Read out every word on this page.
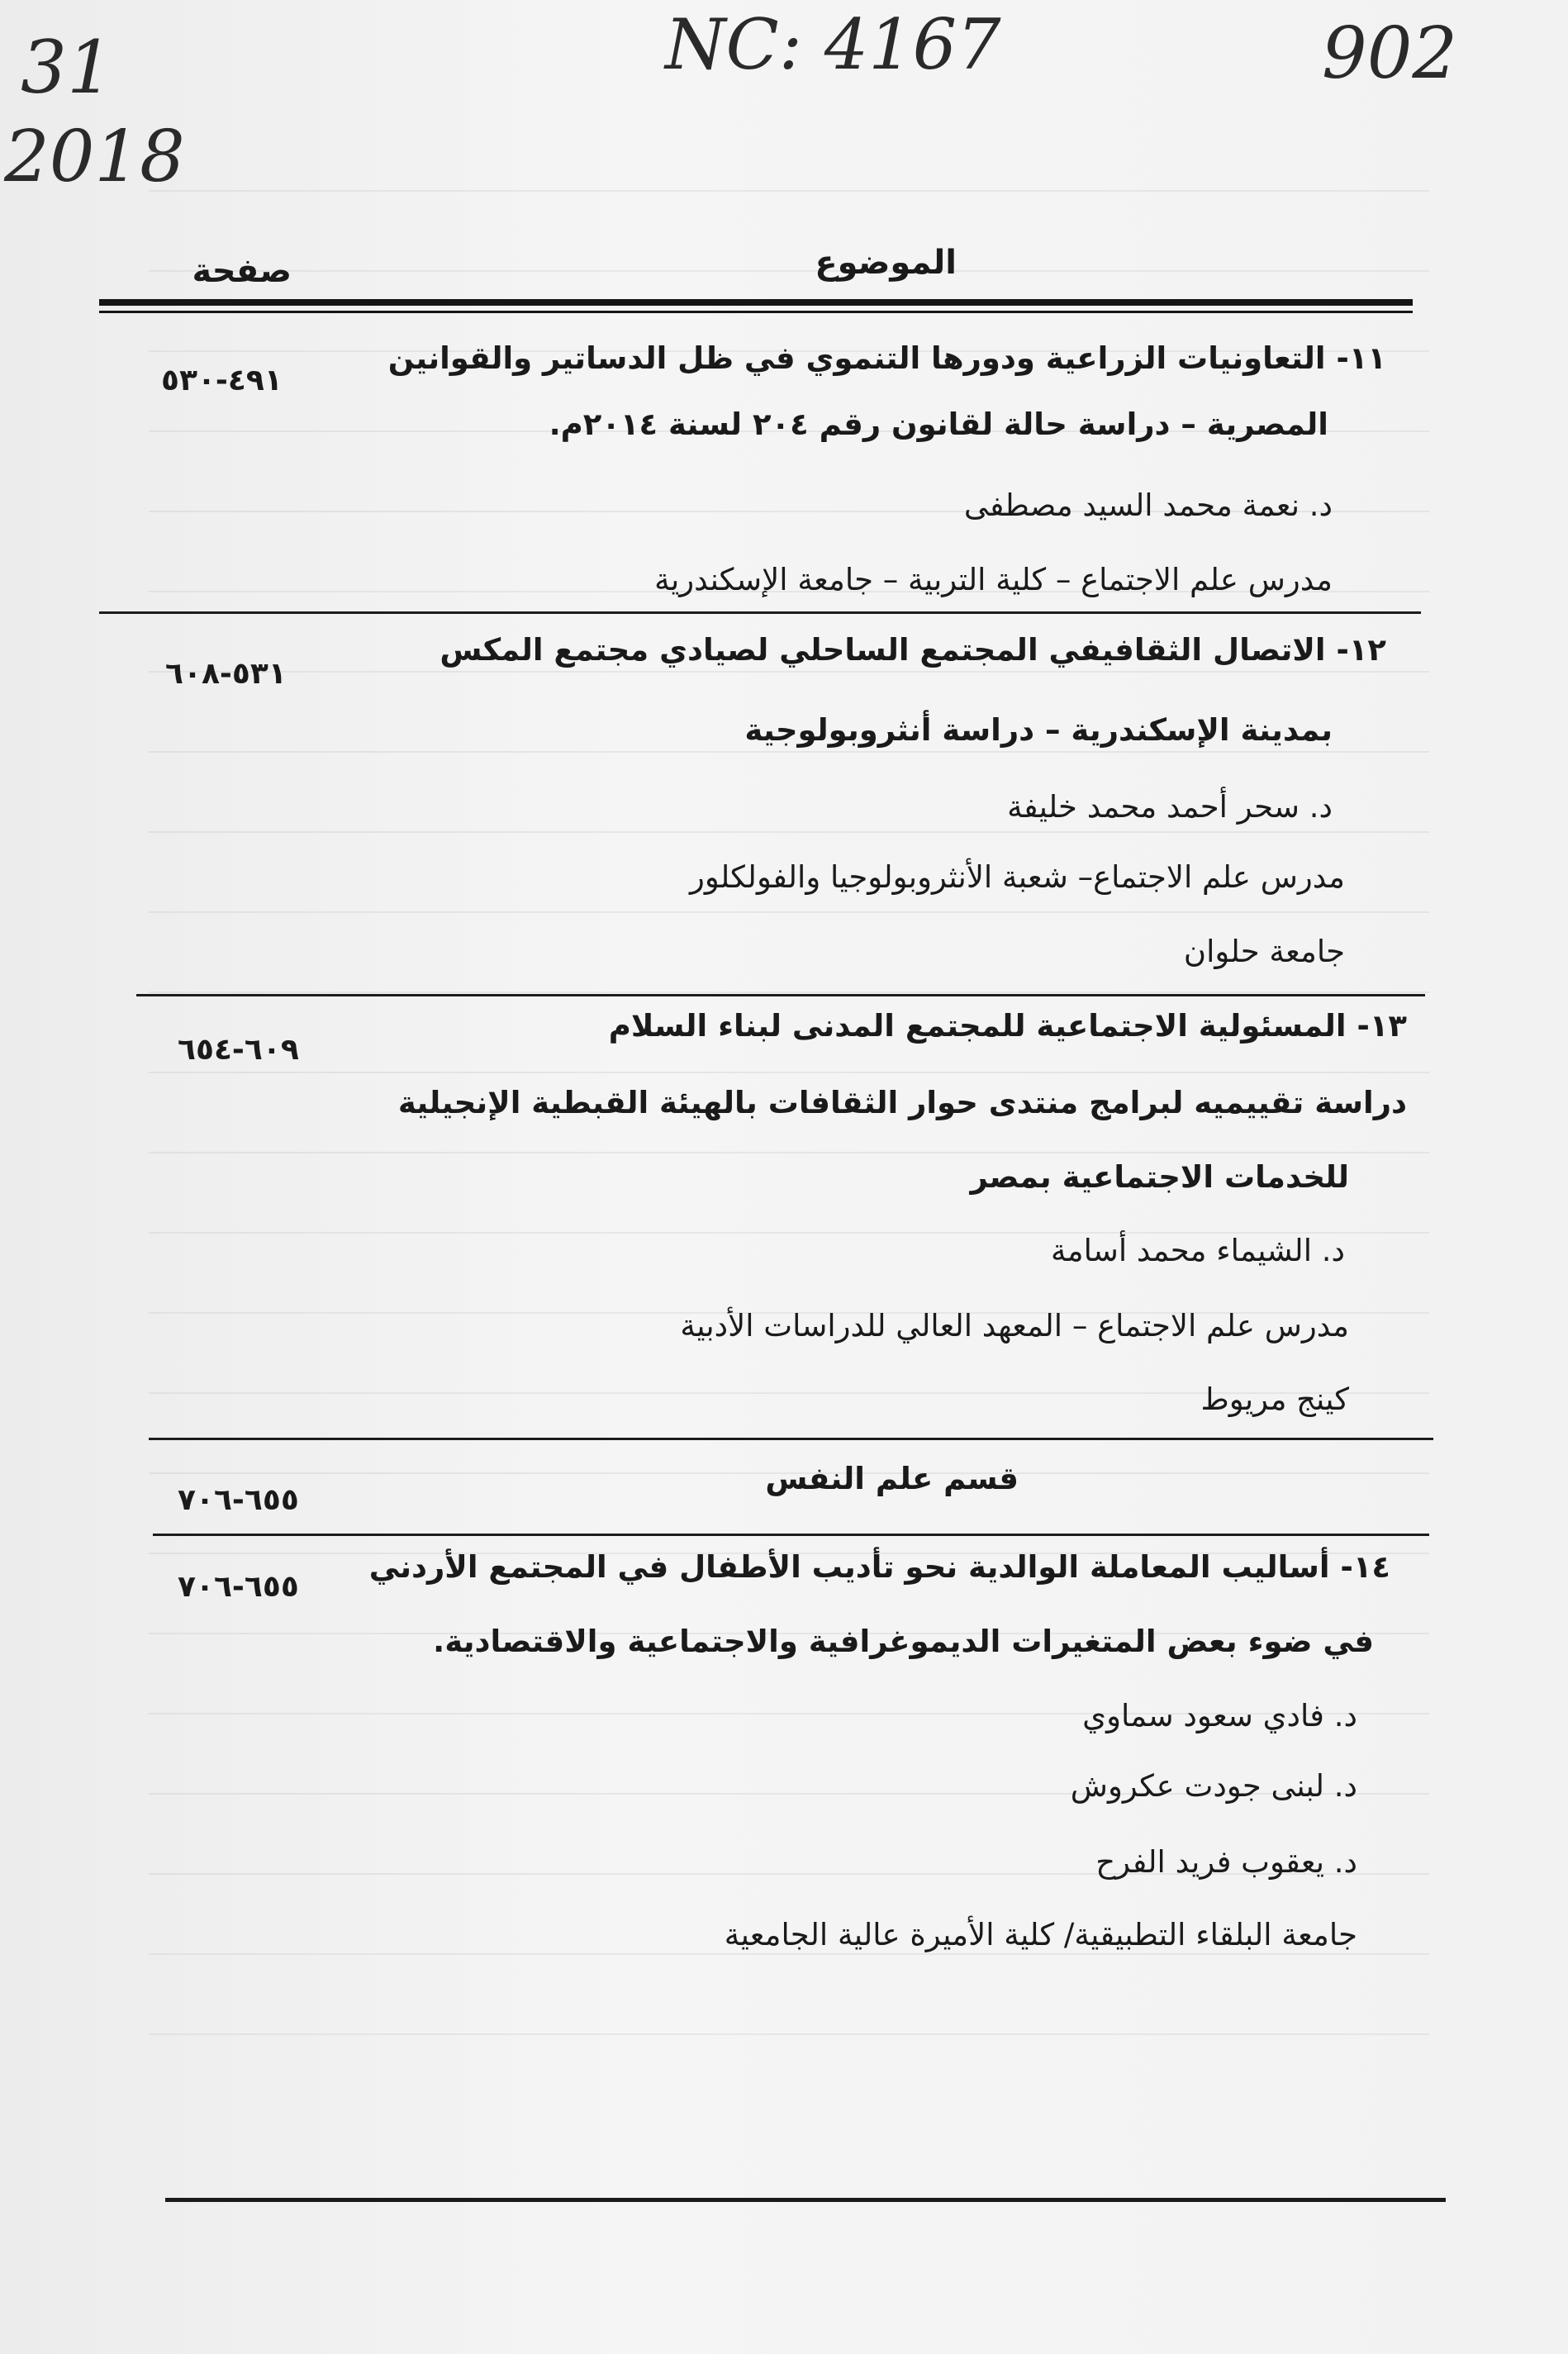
31
2018
NC: 4167	902
الموضوع
صفحة
١١- التعاونيات الزراعية ودورها التنموي في ظل الدساتير والقوانين
المصرية – دراسة حالة لقانون رقم ٢٠٤ لسنة ٢٠١٤م.
د. نعمة محمد السيد مصطفى
مدرس علم الاجتماع – كلية التربية – جامعة الإسكندرية
٤٩١-٥٣٠
١٢- الاتصال الثقافيفي المجتمع الساحلي لصيادي مجتمع المكس
بمدينة الإسكندرية – دراسة أنثروبولوجية
د. سحر أحمد محمد خليفة
مدرس علم الاجتماع– شعبة الأنثروبولوجيا والفولكلور
جامعة حلوان
٥٣١-٦٠٨
١٣- المسئولية الاجتماعية للمجتمع المدنى لبناء السلام
دراسة تقييميه لبرامج منتدى حوار الثقافات بالهيئة القبطية الإنجيلية
للخدمات الاجتماعية بمصر
د. الشيماء محمد أسامة
مدرس علم الاجتماع – المعهد العالي للدراسات الأدبية
كينج مريوط
٦٠٩-٦٥٤
قسم علم النفس
٦٥٥-٧٠٦
١٤- أساليب المعاملة الوالدية نحو تأديب الأطفال في المجتمع الأردني
في ضوء بعض المتغيرات الديموغرافية والاجتماعية والاقتصادية.
د. فادي سعود سماوي
د. لبنى جودت عكروش
د. يعقوب فريد الفرح
جامعة البلقاء التطبيقية/ كلية الأميرة عالية الجامعية
٦٥٥-٧٠٦
